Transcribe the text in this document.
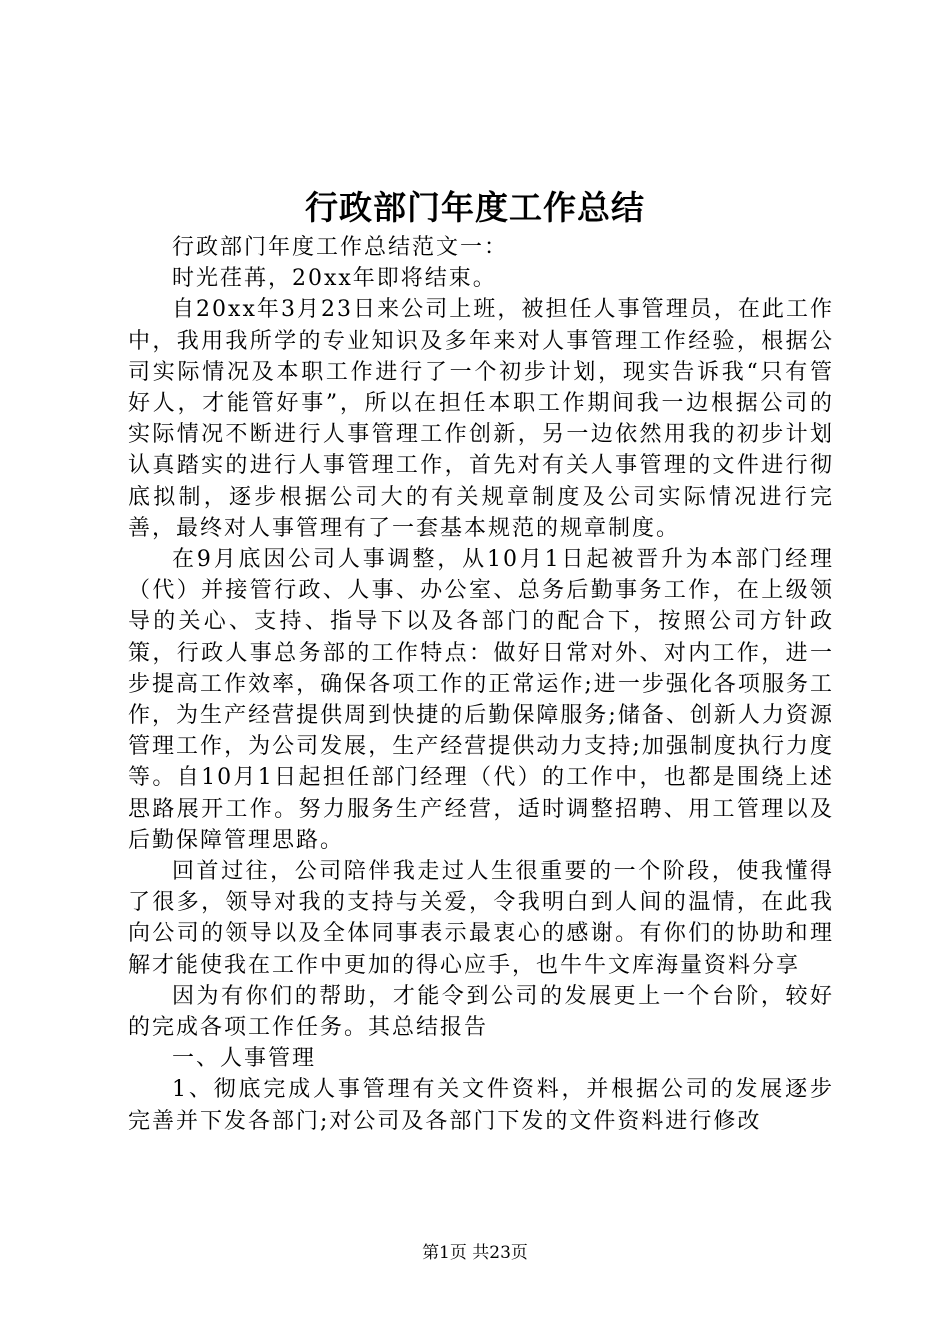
行政部门年度工作总结

行政部门年度工作总结范文一：

时光荏苒，20xx年即将结束。

自20xx年3月23日来公司上班，被担任人事管理员，在此工作中，我用我所学的专业知识及多年来对人事管理工作经验，根据公司实际情况及本职工作进行了一个初步计划，现实告诉我“只有管好人，才能管好事”，所以在担任本职工作期间我一边根据公司的实际情况不断进行人事管理工作创新，另一边依然用我的初步计划认真踏实的进行人事管理工作，首先对有关人事管理的文件进行彻底拟制，逐步根据公司大的有关规章制度及公司实际情况进行完善，最终对人事管理有了一套基本规范的规章制度。

在9月底因公司人事调整，从10月1日起被晋升为本部门经理（代）并接管行政、人事、办公室、总务后勤事务工作，在上级领导的关心、支持、指导下以及各部门的配合下，按照公司方针政策，行政人事总务部的工作特点：做好日常对外、对内工作，进一步提高工作效率，确保各项工作的正常运作;进一步强化各项服务工作，为生产经营提供周到快捷的后勤保障服务;储备、创新人力资源管理工作，为公司发展，生产经营提供动力支持;加强制度执行力度等。自10月1日起担任部门经理（代）的工作中，也都是围绕上述思路展开工作。努力服务生产经营，适时调整招聘、用工管理以及后勤保障管理思路。

回首过往，公司陪伴我走过人生很重要的一个阶段，使我懂得了很多，领导对我的支持与关爱，令我明白到人间的温情，在此我向公司的领导以及全体同事表示最衷心的感谢。有你们的协助和理解才能使我在工作中更加的得心应手，也牛牛文库海量资料分享

因为有你们的帮助，才能令到公司的发展更上一个台阶，较好的完成各项工作任务。其总结报告

一、人事管理

1、彻底完成人事管理有关文件资料，并根据公司的发展逐步完善并下发各部门;对公司及各部门下发的文件资料进行修改

第1页 共23页
